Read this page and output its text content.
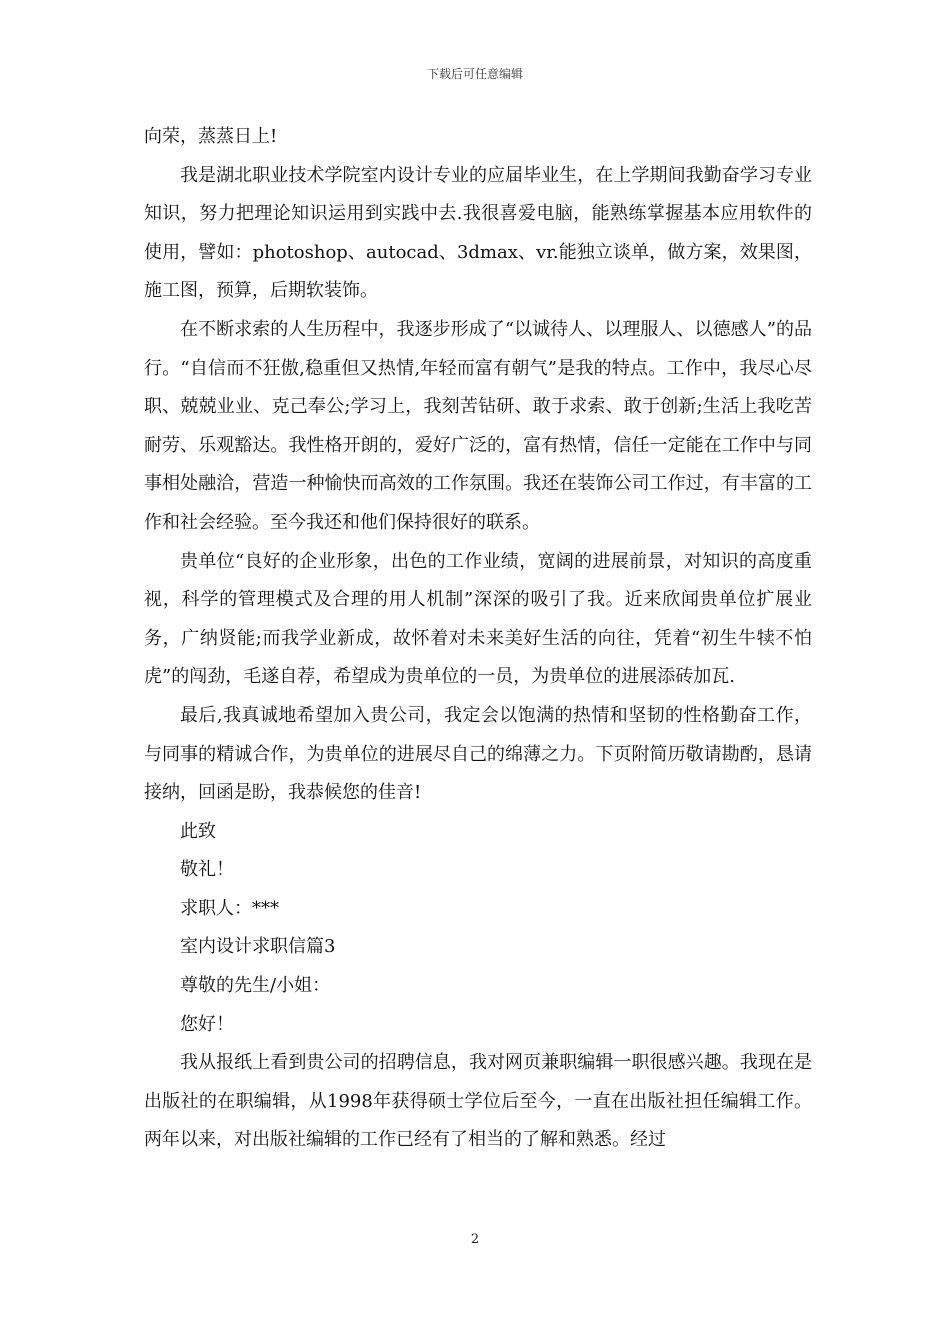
下载后可任意编辑

向荣，蒸蒸日上!

我是湖北职业技术学院室内设计专业的应届毕业生，在上学期间我勤奋学习专业知识，努力把理论知识运用到实践中去.我很喜爱电脑，能熟练掌握基本应用软件的使用，譬如：photoshop、autocad、3dmax、vr.能独立谈单，做方案，效果图，施工图，预算，后期软装饰。

在不断求索的人生历程中，我逐步形成了“以诚待人、以理服人、以德感人”的品行。“自信而不狂傲,稳重但又热情,年轻而富有朝气”是我的特点。工作中，我尽心尽职、兢兢业业、克己奉公;学习上，我刻苦钻研、敢于求索、敢于创新;生活上我吃苦耐劳、乐观豁达。我性格开朗的，爱好广泛的，富有热情，信任一定能在工作中与同事相处融洽，营造一种愉快而高效的工作氛围。我还在装饰公司工作过，有丰富的工作和社会经验。至今我还和他们保持很好的联系。

贵单位“良好的企业形象，出色的工作业绩，宽阔的进展前景，对知识的高度重视，科学的管理模式及合理的用人机制”深深的吸引了我。近来欣闻贵单位扩展业务，广纳贤能;而我学业新成，故怀着对未来美好生活的向往，凭着“初生牛犊不怕虎”的闯劲，毛遂自荐，希望成为贵单位的一员，为贵单位的进展添砖加瓦.

最后,我真诚地希望加入贵公司，我定会以饱满的热情和坚韧的性格勤奋工作，与同事的精诚合作，为贵单位的进展尽自己的绵薄之力。下页附简历敬请勘酌，恳请接纳，回函是盼，我恭候您的佳音!

此致

敬礼！

求职人：***

室内设计求职信篇3

尊敬的先生/小姐：

您好！

我从报纸上看到贵公司的招聘信息，我对网页兼职编辑一职很感兴趣。我现在是出版社的在职编辑，从1998年获得硕士学位后至今，一直在出版社担任编辑工作。两年以来，对出版社编辑的工作已经有了相当的了解和熟悉。经过

2
